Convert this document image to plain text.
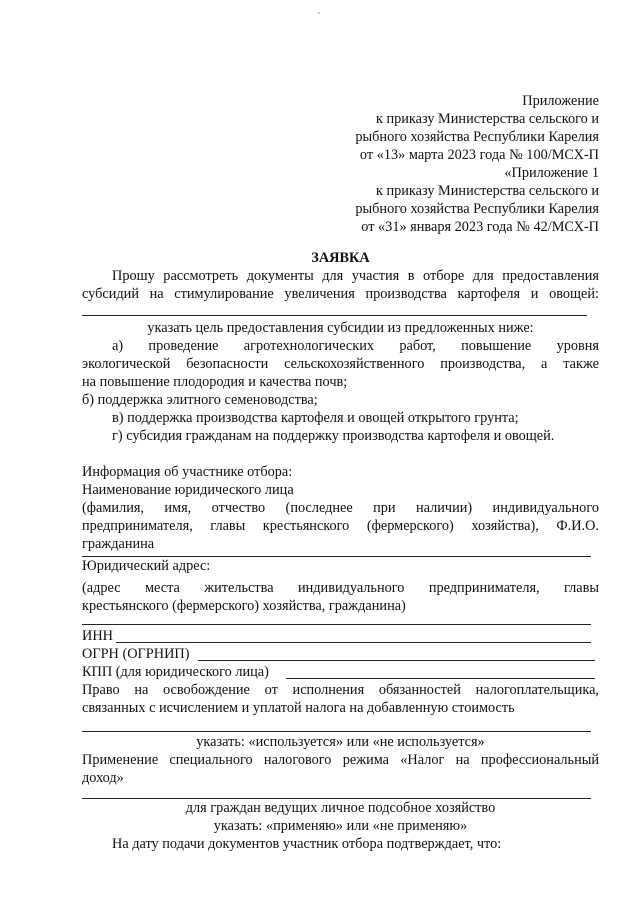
Приложение
к приказу Министерства сельского и
рыбного хозяйства Республики Карелия
от «13» марта 2023 года № 100/МСХ-П
«Приложение 1
к приказу Министерства сельского и
рыбного хозяйства Республики Карелия
от «31» января 2023 года № 42/МСХ-П
ЗАЯВКА
Прошу рассмотреть документы для участия в отборе для предоставления
субсидий на стимулирование увеличения производства картофеля и овощей:
указать цель предоставления субсидии из предложенных ниже:
а) проведение агротехнологических работ, повышение уровня
экологической безопасности сельскохозяйственного производства, а также
на повышение плодородия и качества почв;
б) поддержка элитного семеноводства;
в) поддержка производства картофеля и овощей открытого грунта;
г) субсидия гражданам на поддержку производства картофеля и овощей.
Информация об участнике отбора:
Наименование юридического лица
(фамилия, имя, отчество (последнее при наличии) индивидуального
предпринимателя, главы крестьянского (фермерского) хозяйства), Ф.И.О.
гражданина
Юридический адрес:
(адрес места жительства индивидуального предпринимателя, главы
крестьянского (фермерского) хозяйства, гражданина)
ИНН
ОГРН (ОГРНИП)
КПП (для юридического лица)
Право на освобождение от исполнения обязанностей налогоплательщика,
связанных с исчислением и уплатой налога на добавленную стоимость
указать: «используется» или «не используется»
Применение специального налогового режима «Налог на профессиональный
доход»
для граждан ведущих личное подсобное хозяйство
указать: «применяю» или «не применяю»
На дату подачи документов участник отбора подтверждает, что:
